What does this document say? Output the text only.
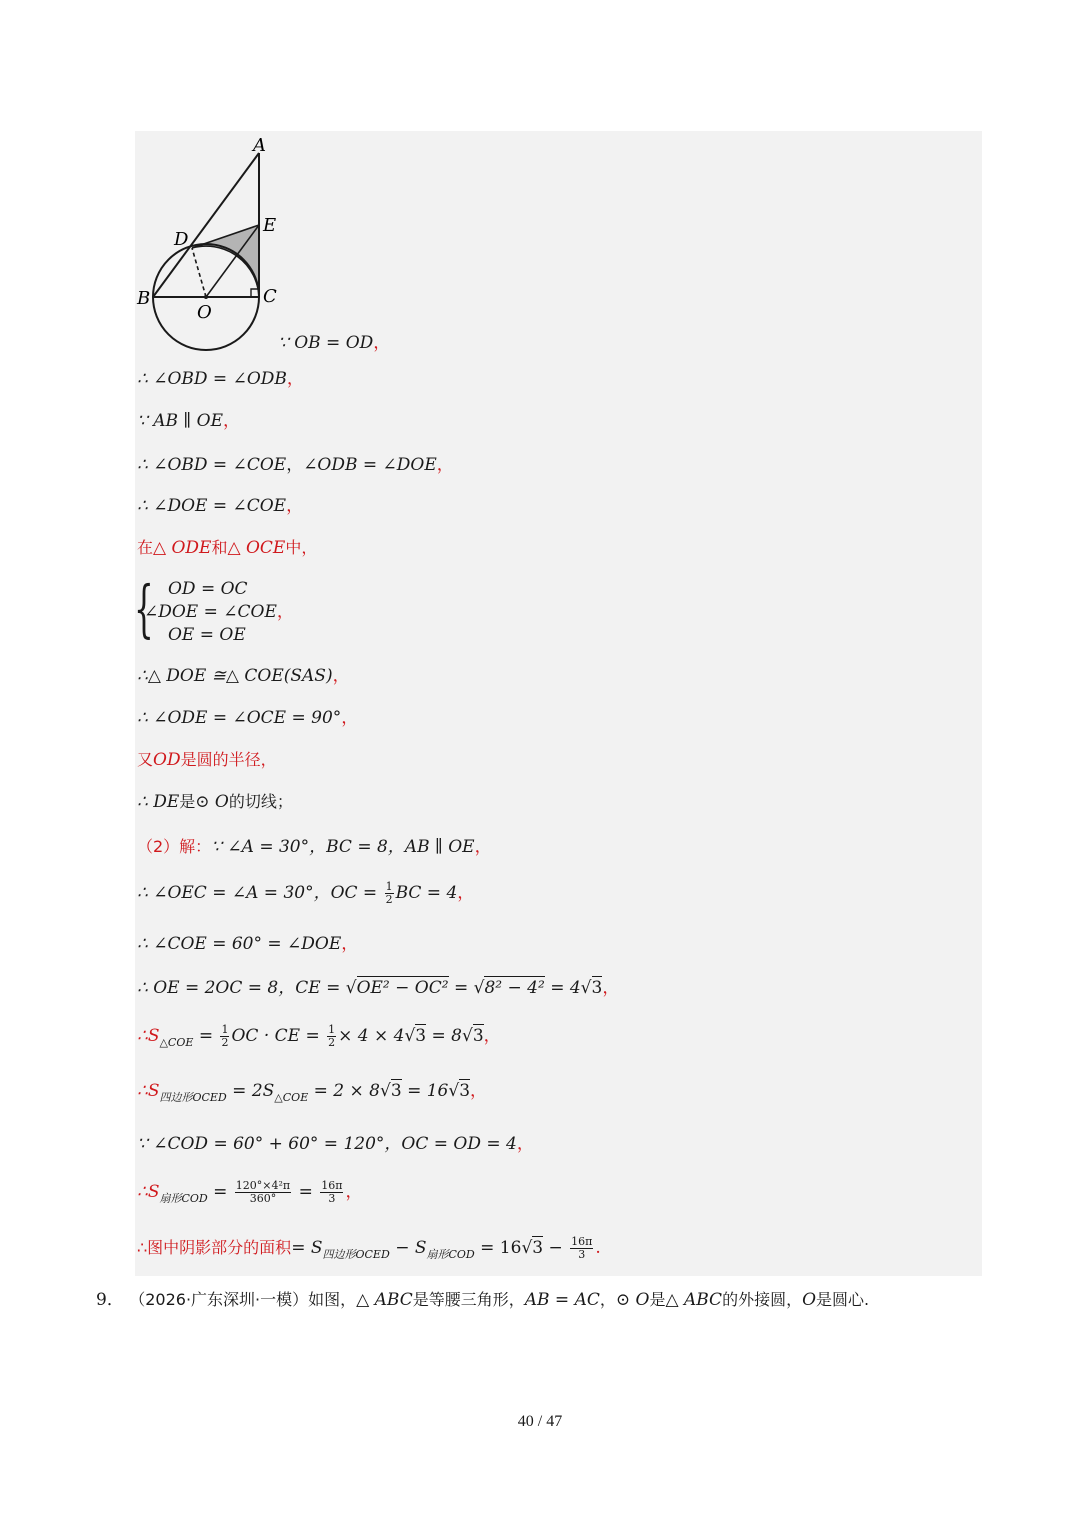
A
E
D
B	C
O
∵ OB = OD，
∴ ∠OBD = ∠ODB，
∵ AB ∥ OE，
∴ ∠OBD = ∠COE，∠ODB = ∠DOE，
∴ ∠DOE = ∠COE，
在△ ODE和△ OCE中，
{ OD = OC
∠DOE = ∠COE，
OE = OE
∴△ DOE ≅△ COE(SAS)，
∴ ∠ODE = ∠OCE = 90°，
又OD是圆的半径，
∴ DE是⊙ O的切线；
（2）解：∵ ∠A = 30°，BC = 8，AB ∥ OE，
∴ ∠OEC = ∠A = 30°，OC = $\frac{1}{2}$ BC = 4，
∴ ∠COE = 60° = ∠DOE，
∴ OE = 2OC = 8，CE = √OE² − OC² = √8² − 4² = 4√3，
$\therefore S_{\triangle COE} = \frac{1}{2}$ OC · CE = $\frac{1}{2} \times 4 \times 4√3 = 8√3$，
$\therefore S_{四边形OCED} = 2S_{\triangle COE} = 2 \times 8√3 = 16√3$，
∵ ∠COD = 60° + 60° = 120°，OC = OD = 4，
$\therefore S_{扇形COD} = \frac{\text{120°×4²π}}{360^\circ} = \frac{16\pi}{3}$ ，
∴图中阴影部分的面积= $S_{四边形OCED} - S_{扇形COD} = 16√3 - \frac{16\pi}{3}$ .
9． （2026·广东深圳·一模）如图，△ ABC是等腰三角形，AB = AC，⊙ O是△ ABC的外接圆，O是圆心.
40 / 47
